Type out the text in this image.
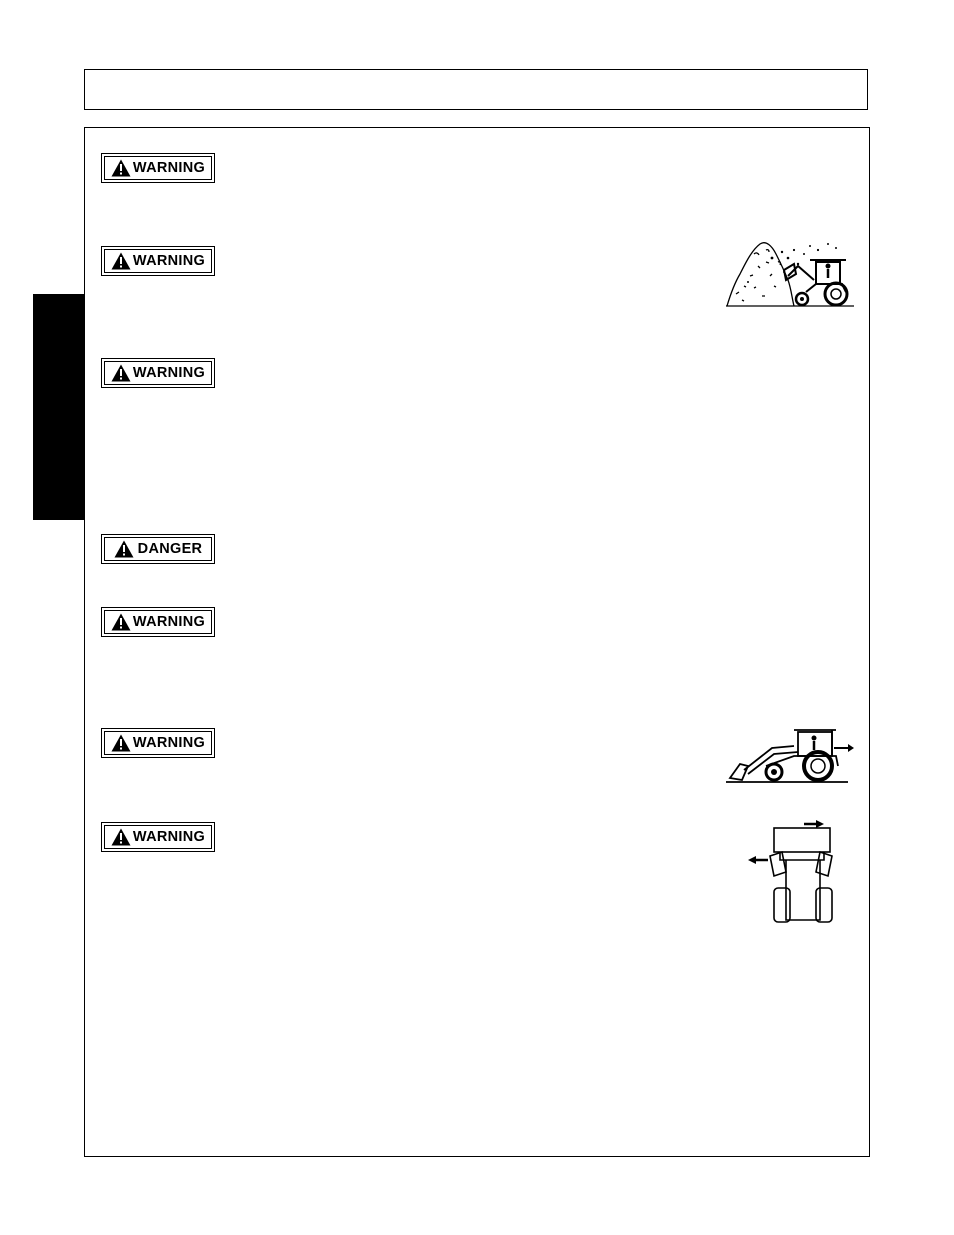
WARNING
WARNING
WARNING
DANGER
WARNING
WARNING
WARNING
